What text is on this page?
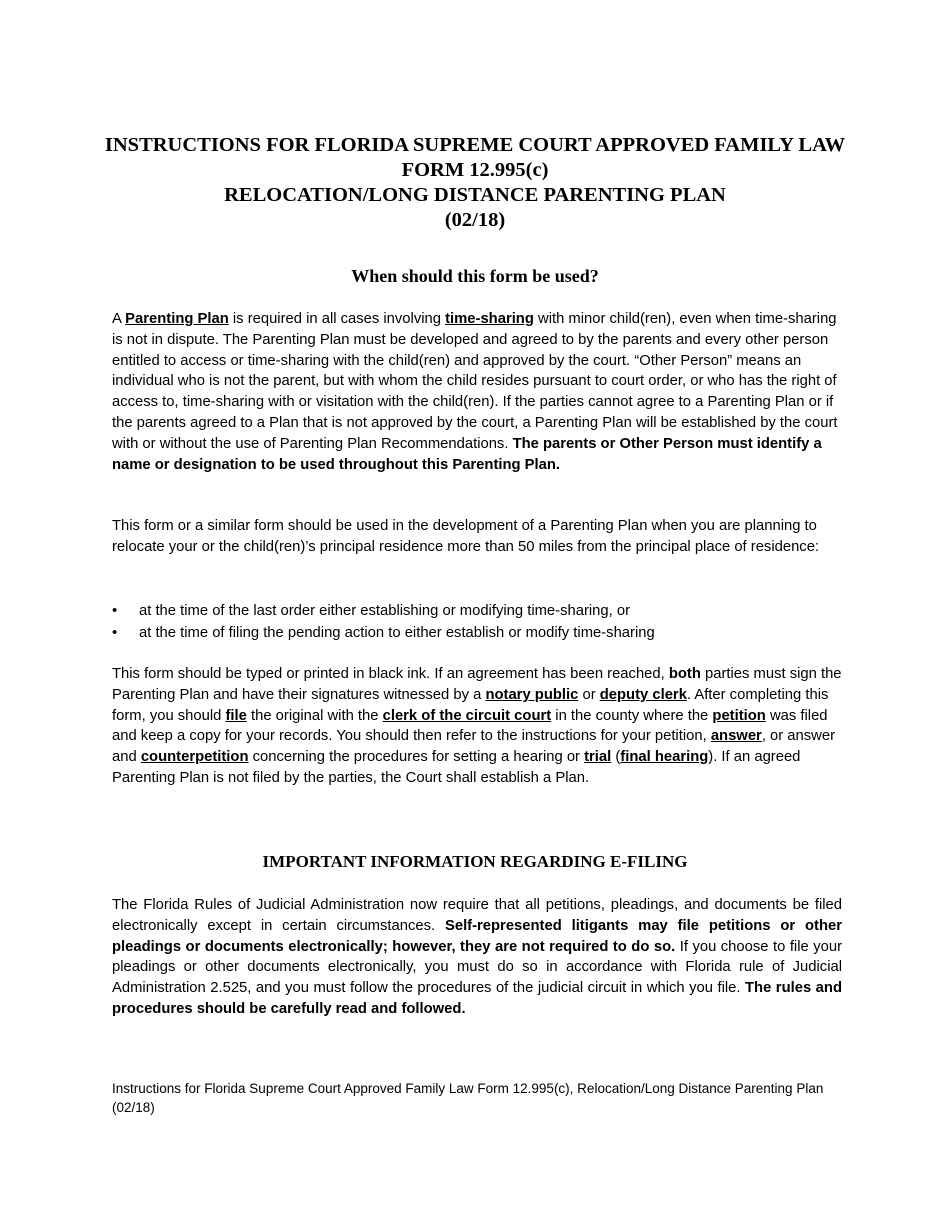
INSTRUCTIONS FOR FLORIDA SUPREME COURT APPROVED FAMILY LAW
FORM 12.995(c)
RELOCATION/LONG DISTANCE PARENTING PLAN
(02/18)
When should this form be used?
A Parenting Plan is required in all cases involving time-sharing with minor child(ren), even when time-sharing is not in dispute. The Parenting Plan must be developed and agreed to by the parents and every other person entitled to access or time-sharing with the child(ren) and approved by the court. “Other Person” means an individual who is not the parent, but with whom the child resides pursuant to court order, or who has the right of access to, time-sharing with or visitation with the child(ren). If the parties cannot agree to a Parenting Plan or if the parents agreed to a Plan that is not approved by the court, a Parenting Plan will be established by the court with or without the use of Parenting Plan Recommendations. The parents or Other Person must identify a name or designation to be used throughout this Parenting Plan.
This form or a similar form should be used in the development of a Parenting Plan when you are planning to relocate your or the child(ren)’s principal residence more than 50 miles from the principal place of residence:
• at the time of the last order either establishing or modifying time-sharing, or
• at the time of filing the pending action to either establish or modify time-sharing
This form should be typed or printed in black ink. If an agreement has been reached, both parties must sign the Parenting Plan and have their signatures witnessed by a notary public or deputy clerk. After completing this form, you should file the original with the clerk of the circuit court in the county where the petition was filed and keep a copy for your records. You should then refer to the instructions for your petition, answer, or answer and counterpetition concerning the procedures for setting a hearing or trial (final hearing). If an agreed Parenting Plan is not filed by the parties, the Court shall establish a Plan.
IMPORTANT INFORMATION REGARDING E-FILING
The Florida Rules of Judicial Administration now require that all petitions, pleadings, and documents be filed electronically except in certain circumstances. Self-represented litigants may file petitions or other pleadings or documents electronically; however, they are not required to do so. If you choose to file your pleadings or other documents electronically, you must do so in accordance with Florida rule of Judicial Administration 2.525, and you must follow the procedures of the judicial circuit in which you file. The rules and procedures should be carefully read and followed.
Instructions for Florida Supreme Court Approved Family Law Form 12.995(c), Relocation/Long Distance Parenting Plan (02/18)
